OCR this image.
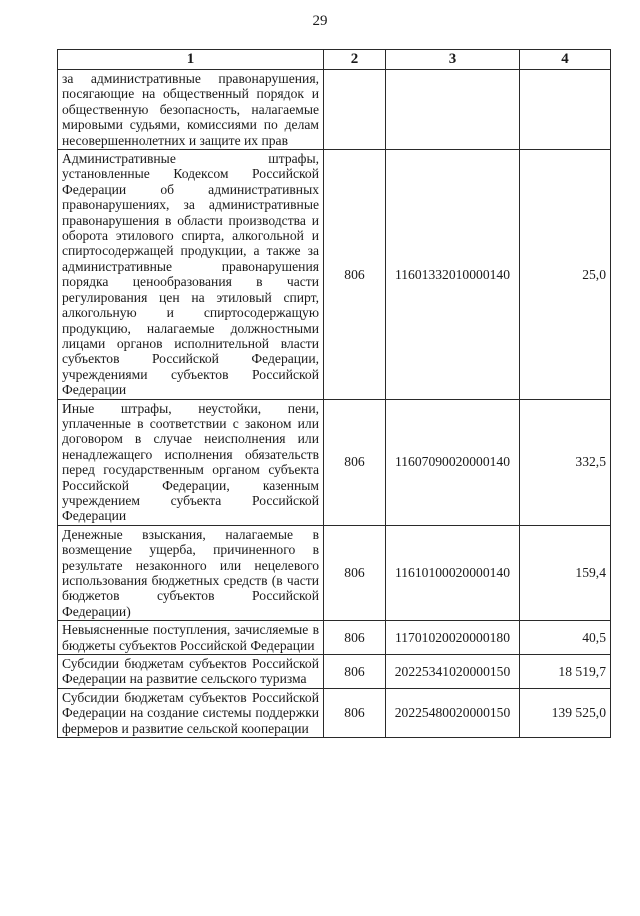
29
1	2	3	4
за административные правонарушения, посягающие на общественный порядок и общественную безопасность, налагаемые мировыми судьями, комиссиями по делам несовершеннолетних и защите их прав			
Административные штрафы, установленные Кодексом Российской Федерации об административных правонарушениях, за административные правонарушения в области производства и оборота этилового спирта, алкогольной и спиртосодержащей продукции, а также за административные правонарушения порядка ценообразования в части регулирования цен на этиловый спирт, алкогольную и спиртосодержащую продукцию, налагаемые должностными лицами органов исполнительной власти субъектов Российской Федерации, учреждениями субъектов Российской Федерации	806	11601332010000140	25,0
Иные штрафы, неустойки, пени, уплаченные в соответствии с законом или договором в случае неисполнения или ненадлежащего исполнения обязательств перед государственным органом субъекта Российской Федерации, казенным учреждением субъекта Российской Федерации	806	11607090020000140	332,5
Денежные взыскания, налагаемые в возмещение ущерба, причиненного в результате незаконного или нецелевого использования бюджетных средств (в части бюджетов субъектов Российской Федерации)	806	11610100020000140	159,4
Невыясненные поступления, зачисляемые в бюджеты субъектов Российской Федерации	806	11701020020000180	40,5
Субсидии бюджетам субъектов Российской Федерации на развитие сельского туризма	806	20225341020000150	18 519,7
Субсидии бюджетам субъектов Российской Федерации на создание системы поддержки фермеров и развитие сельской кооперации	806	20225480020000150	139 525,0
